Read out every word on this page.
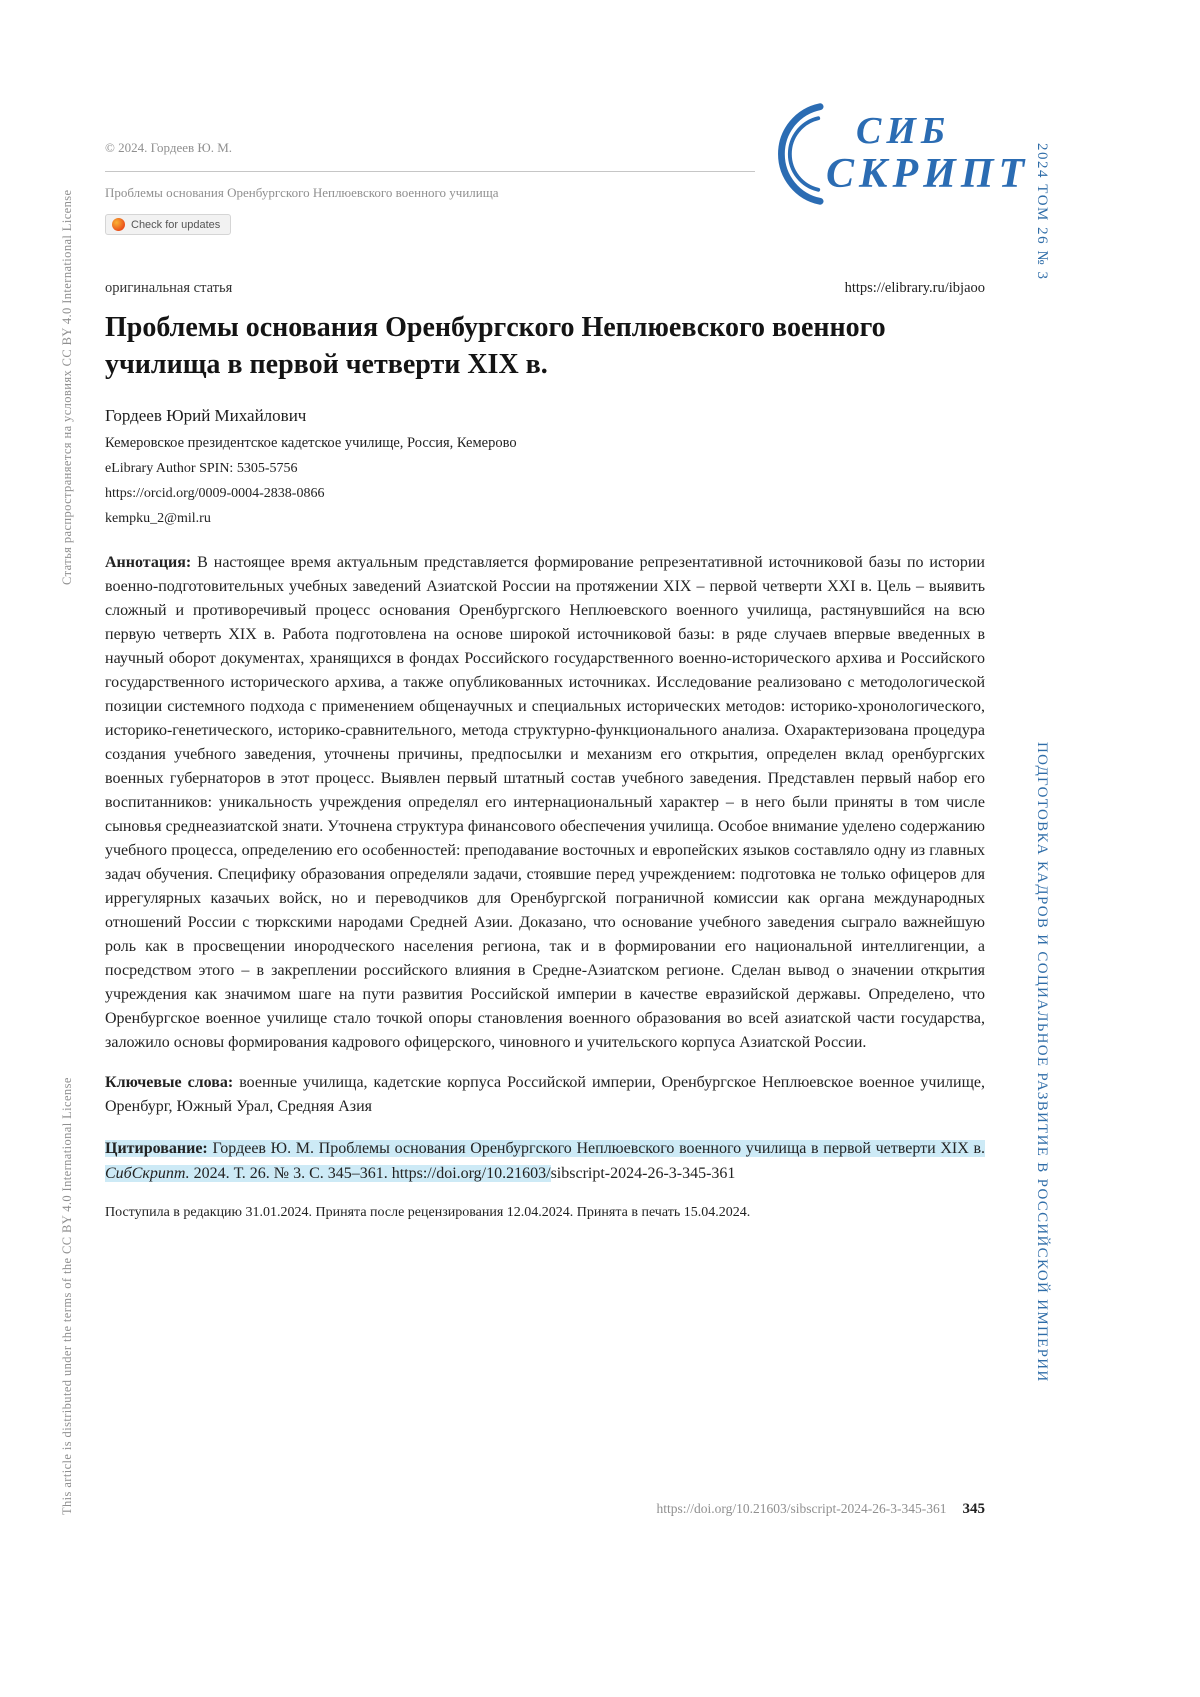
Статья распространяется на условиях CC BY 4.0 International License
This article is distributed under the terms of the CC BY 4.0 International License
2024 ТОМ 26 № 3
ПОДГОТОВКА КАДРОВ И СОЦИАЛЬНОЕ РАЗВИТИЕ В РОССИЙСКОЙ ИМПЕРИИ
СИБ
СКРИПТ
© 2024. Гордеев Ю. М.
Проблемы основания Оренбургского Неплюевского военного училища
Check for updates
оригинальная статья	https://elibrary.ru/ibjaoo
Проблемы основания Оренбургского Неплюевского военного училища в первой четверти XIX в.
Гордеев Юрий Михайлович
Кемеровское президентское кадетское училище, Россия, Кемерово
eLibrary Author SPIN: 5305-5756
https://orcid.org/0009-0004-2838-0866
kempku_2@mil.ru

Аннотация: В настоящее время актуальным представляется формирование репрезентативной источниковой базы по истории военно-подготовительных учебных заведений Азиатской России на протяжении XIX – первой четверти XXI в. Цель – выявить сложный и противоречивый процесс основания Оренбургского Неплюевского военного училища, растянувшийся на всю первую четверть XIX в. Работа подготовлена на основе широкой источниковой базы: в ряде случаев впервые введенных в научный оборот документах, хранящихся в фондах Российского государственного военно-исторического архива и Российского государственного исторического архива, а также опубликованных источниках. Исследование реализовано с методологической позиции системного подхода с применением общенаучных и специальных исторических методов: историко-хронологического, историко-генетического, историко-сравнительного, метода структурно-функционального анализа. Охарактеризована процедура создания учебного заведения, уточнены причины, предпосылки и механизм его открытия, определен вклад оренбургских военных губернаторов в этот процесс. Выявлен первый штатный состав учебного заведения. Представлен первый набор его воспитанников: уникальность учреждения определял его интернациональный характер – в него были приняты в том числе сыновья среднеазиатской знати. Уточнена структура финансового обеспечения училища. Особое внимание уделено содержанию учебного процесса, определению его особенностей: преподавание восточных и европейских языков составляло одну из главных задач обучения. Специфику образования определяли задачи, стоявшие перед учреждением: подготовка не только офицеров для иррегулярных казачьих войск, но и переводчиков для Оренбургской пограничной комиссии как органа международных отношений России с тюркскими народами Средней Азии. Доказано, что основание учебного заведения сыграло важнейшую роль как в просвещении инородческого населения региона, так и в формировании его национальной интеллигенции, а посредством этого – в закреплении российского влияния в Средне-Азиатском регионе. Сделан вывод о значении открытия учреждения как значимом шаге на пути развития Российской империи в качестве евразийской державы. Определено, что Оренбургское военное училище стало точкой опоры становления военного образования во всей азиатской части государства, заложило основы формирования кадрового офицерского, чиновного и учительского корпуса Азиатской России.

Ключевые слова: военные училища, кадетские корпуса Российской империи, Оренбургское Неплюевское военное училище, Оренбург, Южный Урал, Средняя Азия

Цитирование: Гордеев Ю. М. Проблемы основания Оренбургского Неплюевского военного училища в первой четверти XIX в. СибСкрипт. 2024. Т. 26. № 3. С. 345–361. https://doi.org/10.21603/sibscript-2024-26-3-345-361

Поступила в редакцию 31.01.2024. Принята после рецензирования 12.04.2024. Принята в печать 15.04.2024.
https://doi.org/10.21603/sibscript-2024-26-3-345-361 345
